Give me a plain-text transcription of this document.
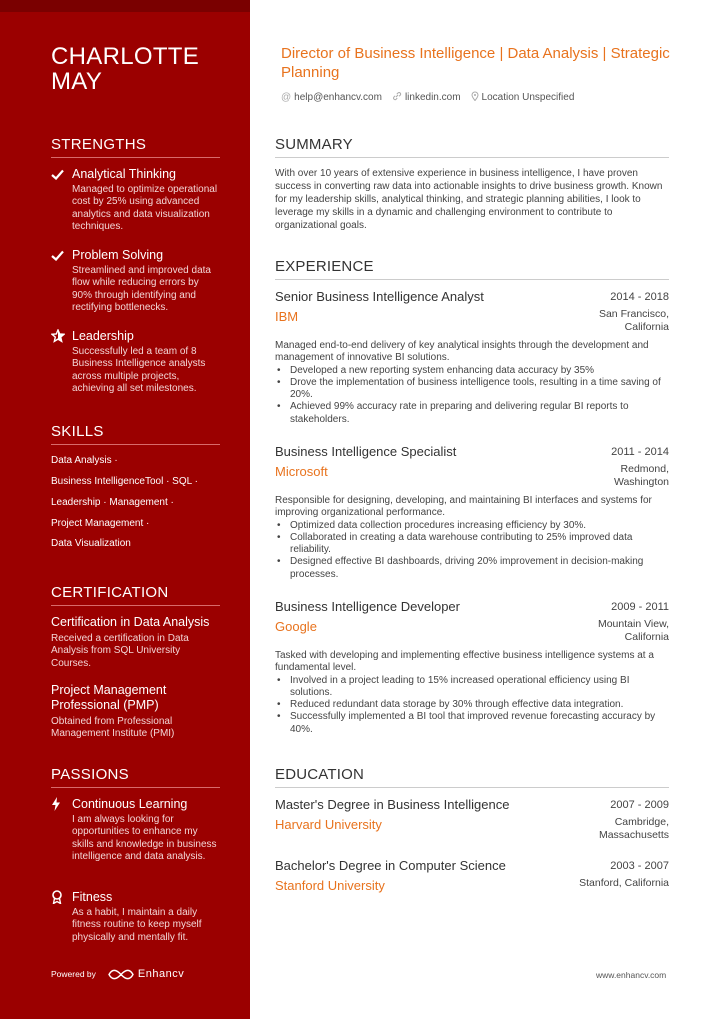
CHARLOTTE MAY
STRENGTHS
Analytical Thinking
Managed to optimize operational cost by 25% using advanced analytics and data visualization techniques.
Problem Solving
Streamlined and improved data flow while reducing errors by 90% through identifying and rectifying bottlenecks.
Leadership
Successfully led a team of 8 Business Intelligence analysts across multiple projects, achieving all set milestones.
SKILLS
Data Analysis ·
Business IntelligenceTool · SQL ·
Leadership · Management ·
Project Management ·
Data Visualization
CERTIFICATION
Certification in Data Analysis
Received a certification in Data Analysis from SQL University Courses.
Project Management Professional (PMP)
Obtained from Professional Management Institute (PMI)
PASSIONS
Continuous Learning
I am always looking for opportunities to enhance my skills and knowledge in business intelligence and data analysis.
Fitness
As a habit, I maintain a daily fitness routine to keep myself physically and mentally fit.
Powered by	Enhancv
Director of Business Intelligence | Data Analysis | Strategic Planning
@ help@enhancv.com linkedin.com Location Unspecified
SUMMARY
With over 10 years of extensive experience in business intelligence, I have proven success in converting raw data into actionable insights to drive business growth. Known for my leadership skills, analytical thinking, and strategic planning abilities, I look to leverage my skills in a dynamic and challenging environment to contribute to organizational goals.
EXPERIENCE
Senior Business Intelligence Analyst	2014 - 2018
IBM	San Francisco, California
Managed end-to-end delivery of key analytical insights through the development and management of innovative BI solutions.
• Developed a new reporting system enhancing data accuracy by 35%
• Drove the implementation of business intelligence tools, resulting in a time saving of 20%.
• Achieved 99% accuracy rate in preparing and delivering regular BI reports to stakeholders.
Business Intelligence Specialist	2011 - 2014
Microsoft	Redmond, Washington
Responsible for designing, developing, and maintaining BI interfaces and systems for improving organizational performance.
• Optimized data collection procedures increasing efficiency by 30%.
• Collaborated in creating a data warehouse contributing to 25% improved data reliability.
• Designed effective BI dashboards, driving 20% improvement in decision-making processes.
Business Intelligence Developer	2009 - 2011
Google	Mountain View, California
Tasked with developing and implementing effective business intelligence systems at a fundamental level.
• Involved in a project leading to 15% increased operational efficiency using BI solutions.
• Reduced redundant data storage by 30% through effective data integration.
• Successfully implemented a BI tool that improved revenue forecasting accuracy by 40%.
EDUCATION
Master's Degree in Business Intelligence	2007 - 2009
Harvard University	Cambridge, Massachusetts
Bachelor's Degree in Computer Science	2003 - 2007
Stanford University	Stanford, California
www.enhancv.com
